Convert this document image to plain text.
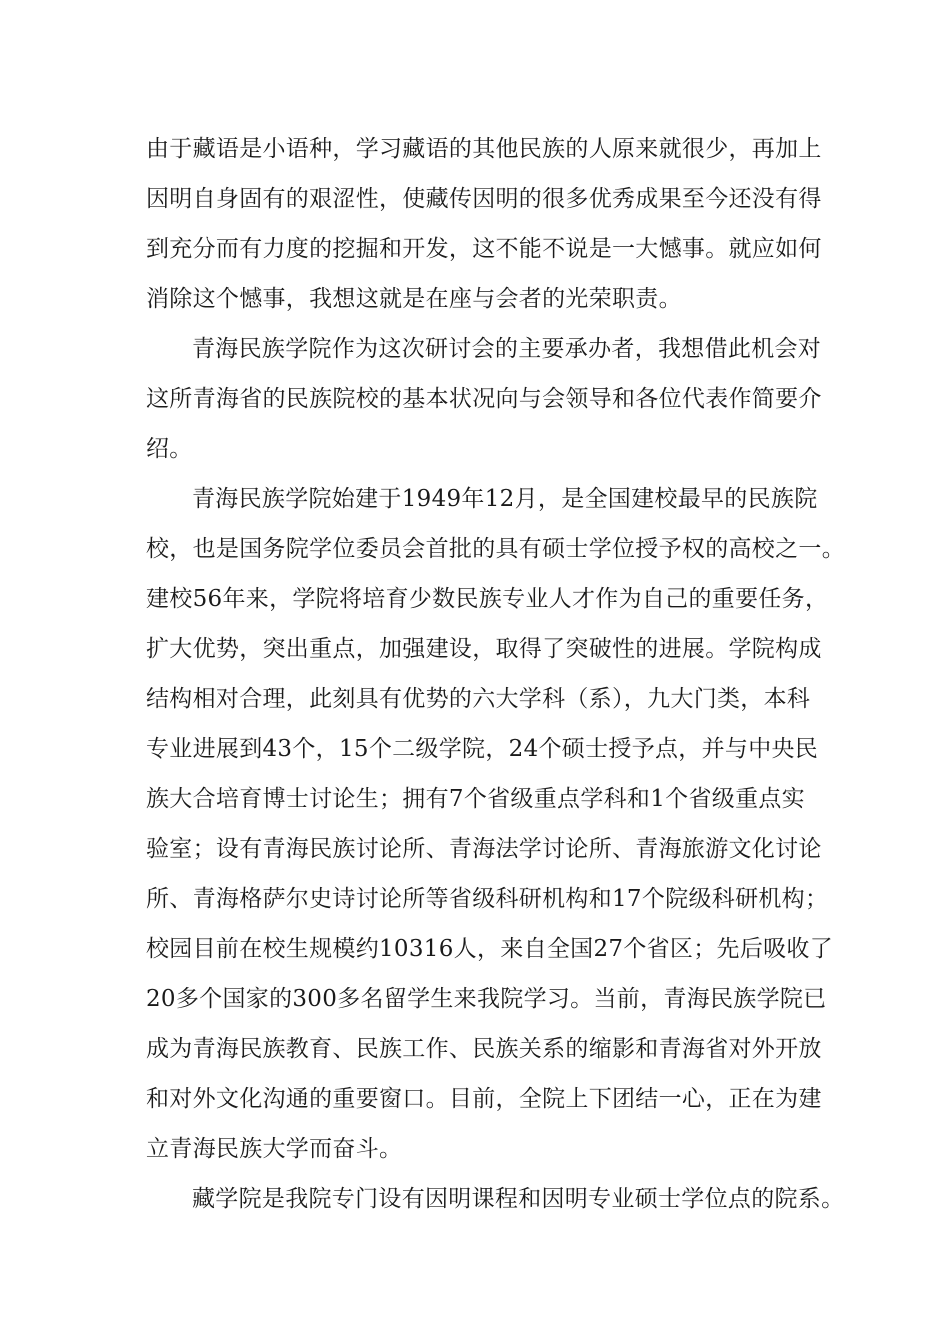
由于藏语是小语种，学习藏语的其他民族的人原来就很少，再加上
因明自身固有的艰涩性，使藏传因明的很多优秀成果至今还没有得
到充分而有力度的挖掘和开发，这不能不说是一大憾事。就应如何
消除这个憾事，我想这就是在座与会者的光荣职责。
青海民族学院作为这次研讨会的主要承办者，我想借此机会对
这所青海省的民族院校的基本状况向与会领导和各位代表作简要介
绍。
青海民族学院始建于1949年12月，是全国建校最早的民族院
校，也是国务院学位委员会首批的具有硕士学位授予权的高校之一。
建校56年来，学院将培育少数民族专业人才作为自己的重要任务，
扩大优势，突出重点，加强建设，取得了突破性的进展。学院构成
结构相对合理，此刻具有优势的六大学科（系），九大门类，本科
专业进展到43个，15个二级学院，24个硕士授予点，并与中央民
族大合培育博士讨论生；拥有7个省级重点学科和1个省级重点实
验室；设有青海民族讨论所、青海法学讨论所、青海旅游文化讨论
所、青海格萨尔史诗讨论所等省级科研机构和17个院级科研机构；
校园目前在校生规模约10316人，来自全国27个省区；先后吸收了
20多个国家的300多名留学生来我院学习。当前，青海民族学院已
成为青海民族教育、民族工作、民族关系的缩影和青海省对外开放
和对外文化沟通的重要窗口。目前，全院上下团结一心，正在为建
立青海民族大学而奋斗。
藏学院是我院专门设有因明课程和因明专业硕士学位点的院系。
